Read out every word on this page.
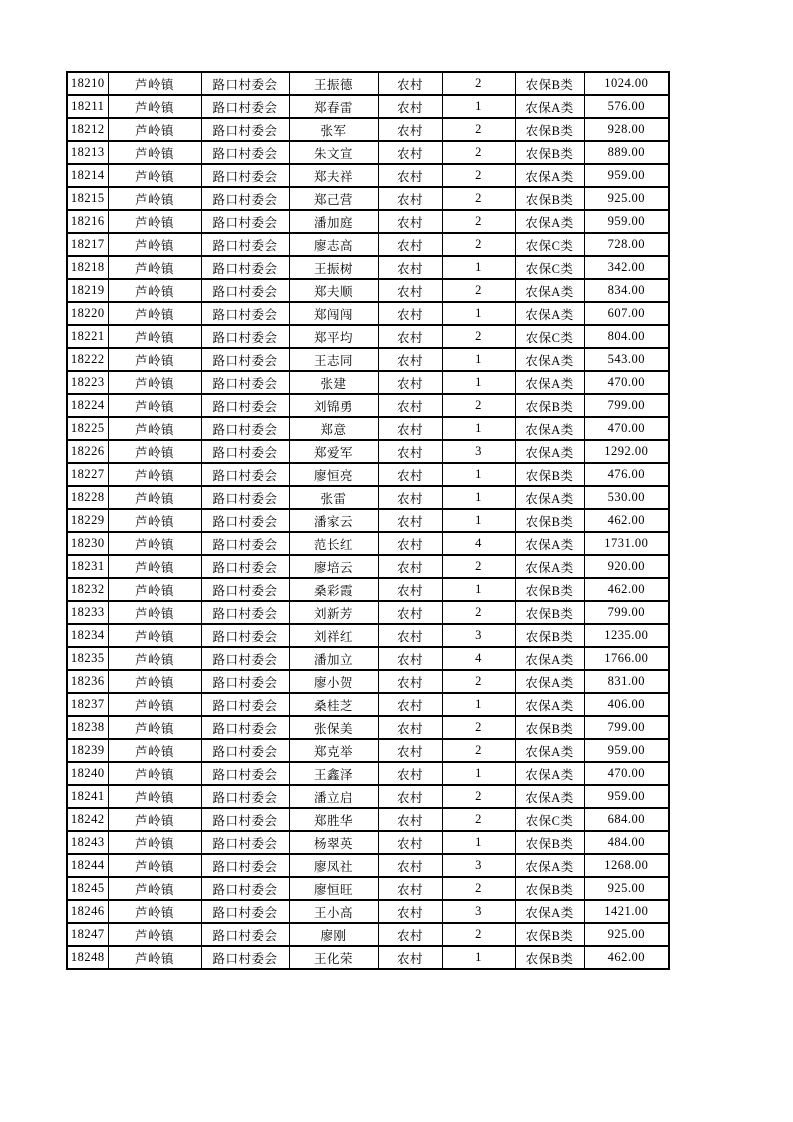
18210	芦岭镇	路口村委会	王振德	农村	2	农保B类	1024.00
18211	芦岭镇	路口村委会	郑春雷	农村	1	农保A类	576.00
18212	芦岭镇	路口村委会	张军	农村	2	农保B类	928.00
18213	芦岭镇	路口村委会	朱文宣	农村	2	农保B类	889.00
18214	芦岭镇	路口村委会	郑夫祥	农村	2	农保A类	959.00
18215	芦岭镇	路口村委会	郑己营	农村	2	农保B类	925.00
18216	芦岭镇	路口村委会	潘加庭	农村	2	农保A类	959.00
18217	芦岭镇	路口村委会	廖志高	农村	2	农保C类	728.00
18218	芦岭镇	路口村委会	王振树	农村	1	农保C类	342.00
18219	芦岭镇	路口村委会	郑夫顺	农村	2	农保A类	834.00
18220	芦岭镇	路口村委会	郑闯闯	农村	1	农保A类	607.00
18221	芦岭镇	路口村委会	郑平均	农村	2	农保C类	804.00
18222	芦岭镇	路口村委会	王志同	农村	1	农保A类	543.00
18223	芦岭镇	路口村委会	张建	农村	1	农保A类	470.00
18224	芦岭镇	路口村委会	刘锦勇	农村	2	农保B类	799.00
18225	芦岭镇	路口村委会	郑意	农村	1	农保A类	470.00
18226	芦岭镇	路口村委会	郑爱军	农村	3	农保A类	1292.00
18227	芦岭镇	路口村委会	廖恒亮	农村	1	农保B类	476.00
18228	芦岭镇	路口村委会	张雷	农村	1	农保A类	530.00
18229	芦岭镇	路口村委会	潘家云	农村	1	农保B类	462.00
18230	芦岭镇	路口村委会	范长红	农村	4	农保A类	1731.00
18231	芦岭镇	路口村委会	廖培云	农村	2	农保A类	920.00
18232	芦岭镇	路口村委会	桑彩霞	农村	1	农保B类	462.00
18233	芦岭镇	路口村委会	刘新芳	农村	2	农保B类	799.00
18234	芦岭镇	路口村委会	刘祥红	农村	3	农保B类	1235.00
18235	芦岭镇	路口村委会	潘加立	农村	4	农保A类	1766.00
18236	芦岭镇	路口村委会	廖小贺	农村	2	农保A类	831.00
18237	芦岭镇	路口村委会	桑桂芝	农村	1	农保A类	406.00
18238	芦岭镇	路口村委会	张保美	农村	2	农保B类	799.00
18239	芦岭镇	路口村委会	郑克举	农村	2	农保A类	959.00
18240	芦岭镇	路口村委会	王鑫泽	农村	1	农保A类	470.00
18241	芦岭镇	路口村委会	潘立启	农村	2	农保A类	959.00
18242	芦岭镇	路口村委会	郑胜华	农村	2	农保C类	684.00
18243	芦岭镇	路口村委会	杨翠英	农村	1	农保B类	484.00
18244	芦岭镇	路口村委会	廖凤社	农村	3	农保A类	1268.00
18245	芦岭镇	路口村委会	廖恒旺	农村	2	农保B类	925.00
18246	芦岭镇	路口村委会	王小高	农村	3	农保A类	1421.00
18247	芦岭镇	路口村委会	廖刚	农村	2	农保B类	925.00
18248	芦岭镇	路口村委会	王化荣	农村	1	农保B类	462.00
